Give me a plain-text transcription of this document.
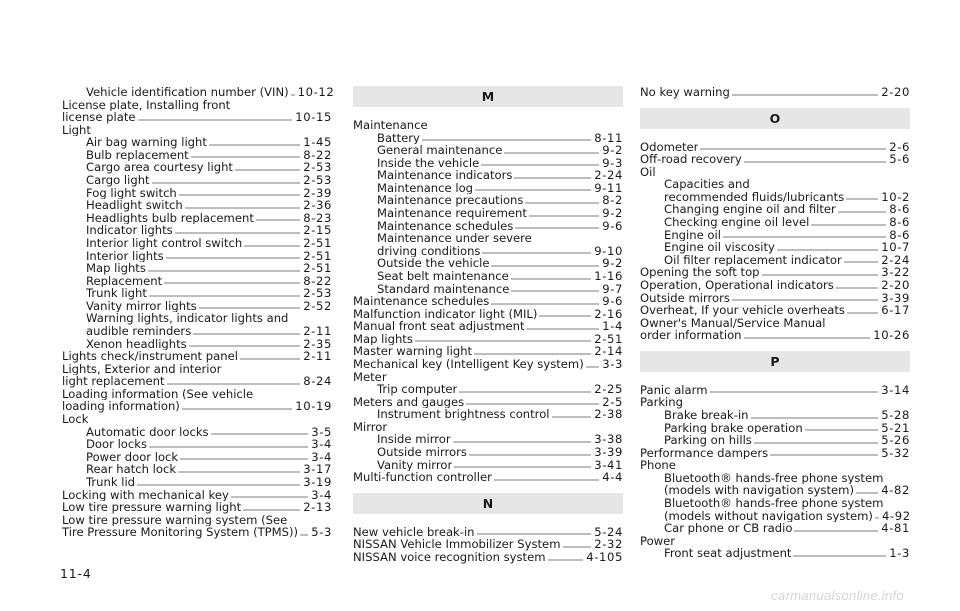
Vehicle identification number (VIN) 10-12
License plate, Installing front
license plate	10-15
Light
Air bag warning light	1-45
Bulb replacement	8-22
Cargo area courtesy light	2-53
Cargo light	2-53
Fog light switch	2-39
Headlight switch	2-36
Headlights bulb replacement	8-23
Indicator lights	2-15
Interior light control switch	2-51
Interior lights	2-51
Map lights	2-51
Replacement	8-22
Trunk light	2-53
Vanity mirror lights	2-52
Warning lights, indicator lights and
audible reminders	2-11
Xenon headlights	2-35
Lights check/instrument panel	2-11
Lights, Exterior and interior
light replacement	8-24
Loading information (See vehicle
loading information)	10-19
Lock
Automatic door locks	3-5
Door locks	3-4
Power door lock	3-4
Rear hatch lock	3-17
Trunk lid	3-19
Locking with mechanical key	3-4
Low tire pressure warning light	2-13
Low tire pressure warning system (See
Tire Pressure Monitoring System (TPMS)) 5-3
M
Maintenance
Battery	8-11
General maintenance	9-2
Inside the vehicle	9-3
Maintenance indicators	2-24
Maintenance log	9-11
Maintenance precautions	8-2
Maintenance requirement	9-2
Maintenance schedules	9-6
Maintenance under severe
driving conditions	9-10
Outside the vehicle	9-2
Seat belt maintenance	1-16
Standard maintenance	9-7
Maintenance schedules	9-6
Malfunction indicator light (MIL)	2-16
Manual front seat adjustment	1-4
Map lights	2-51
Master warning light	2-14
Mechanical key (Intelligent Key system) 3-3
Meter
Trip computer	2-25
Meters and gauges	2-5
Instrument brightness control	2-38
Mirror
Inside mirror	3-38
Outside mirrors	3-39
Vanity mirror	3-41
Multi-function controller	4-4
N
New vehicle break-in	5-24
NISSAN Vehicle Immobilizer System	2-32
NISSAN voice recognition system	4-105
No key warning	2-20
O
Odometer	2-6
Off-road recovery	5-6
Oil
Capacities and
recommended fluids/lubricants	10-2
Changing engine oil and filter	8-6
Checking engine oil level	8-6
Engine oil	8-6
Engine oil viscosity	10-7
Oil filter replacement indicator	2-24
Opening the soft top	3-22
Operation, Operational indicators	2-20
Outside mirrors	3-39
Overheat, If your vehicle overheats	6-17
Owner's Manual/Service Manual
order information	10-26
P
Panic alarm	3-14
Parking
Brake break-in	5-28
Parking brake operation	5-21
Parking on hills	5-26
Performance dampers	5-32
Phone
Bluetooth® hands-free phone system
(models with navigation system) 4-82
Bluetooth® hands-free phone system
(models without navigation system) 4-92
Car phone or CB radio	4-81
Power
Front seat adjustment	1-3
11-4
carmanualsonline.info
